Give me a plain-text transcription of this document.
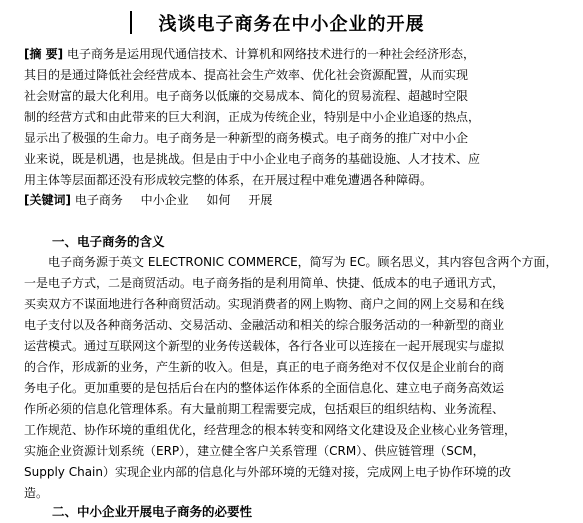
浅谈电子商务在中小企业的开展
[摘 要] 电子商务是运用现代通信技术、计算机和网络技术进行的一种社会经济形态，
其目的是通过降低社会经营成本、提高社会生产效率、优化社会资源配置，从而实现
社会财富的最大化利用。电子商务以低廉的交易成本、简化的贸易流程、超越时空限
制的经营方式和由此带来的巨大利润，正成为传统企业，特别是中小企业追逐的热点，
显示出了极强的生命力。电子商务是一种新型的商务模式。电子商务的推广对中小企
业来说，既是机遇，也是挑战。但是由于中小企业电子商务的基础设施、人才技术、应
用主体等层面都还没有形成较完整的体系，在开展过程中难免遭遇各种障碍。
[关键词] 电子商务 中小企业 如何 开展
一、电子商务的含义
电子商务源于英文 ELECTRONIC COMMERCE，简写为 EC。顾名思义，其内容包含两个方面，
一是电子方式，二是商贸活动。电子商务指的是利用简单、快捷、低成本的电子通讯方式，
买卖双方不谋面地进行各种商贸活动。实现消费者的网上购物、商户之间的网上交易和在线
电子支付以及各种商务活动、交易活动、金融活动和相关的综合服务活动的一种新型的商业
运营模式。通过互联网这个新型的业务传送载体，各行各业可以连接在一起开展现实与虚拟
的合作，形成新的业务，产生新的收入。但是，真正的电子商务绝对不仅仅是企业前台的商
务电子化。更加重要的是包括后台在内的整体运作体系的全面信息化、建立电子商务高效运
作所必须的信息化管理体系。有大量前期工程需要完成，包括艰巨的组织结构、业务流程、
工作规范、协作环境的重组优化，经营理念的根本转变和网络文化建设及企业核心业务管理，
实施企业资源计划系统（ERP），建立健全客户关系管理（CRM）、供应链管理（SCM，
Supply Chain）实现企业内部的信息化与外部环境的无缝对接，完成网上电子协作环境的改
造。
二、中小企业开展电子商务的必要性
